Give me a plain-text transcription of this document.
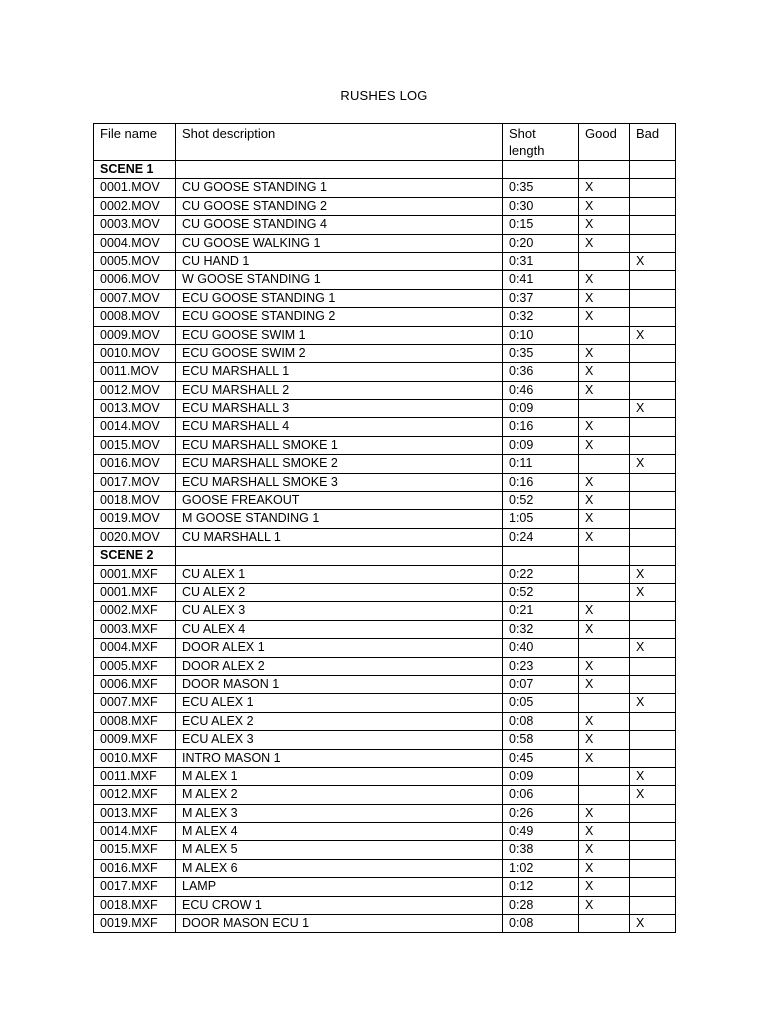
RUSHES LOG
File name	Shot description	Shot length	Good	Bad
SCENE 1				
0001.MOV	CU GOOSE STANDING 1	0:35	X	
0002.MOV	CU GOOSE STANDING 2	0:30	X	
0003.MOV	CU GOOSE STANDING 4	0:15	X	
0004.MOV	CU GOOSE WALKING 1	0:20	X	
0005.MOV	CU HAND 1	0:31		X
0006.MOV	W GOOSE STANDING 1	0:41	X	
0007.MOV	ECU GOOSE STANDING 1	0:37	X	
0008.MOV	ECU GOOSE STANDING 2	0:32	X	
0009.MOV	ECU GOOSE SWIM 1	0:10		X
0010.MOV	ECU GOOSE SWIM 2	0:35	X	
0011.MOV	ECU MARSHALL 1	0:36	X	
0012.MOV	ECU MARSHALL 2	0:46	X	
0013.MOV	ECU MARSHALL 3	0:09		X
0014.MOV	ECU MARSHALL 4	0:16	X	
0015.MOV	ECU MARSHALL SMOKE 1	0:09	X	
0016.MOV	ECU MARSHALL SMOKE 2	0:11		X
0017.MOV	ECU MARSHALL SMOKE 3	0:16	X	
0018.MOV	GOOSE FREAKOUT	0:52	X	
0019.MOV	M GOOSE STANDING 1	1:05	X	
0020.MOV	CU MARSHALL 1	0:24	X	
SCENE 2				
0001.MXF	CU ALEX 1	0:22		X
0001.MXF	CU ALEX 2	0:52		X
0002.MXF	CU ALEX 3	0:21	X	
0003.MXF	CU ALEX 4	0:32	X	
0004.MXF	DOOR ALEX 1	0:40		X
0005.MXF	DOOR ALEX 2	0:23	X	
0006.MXF	DOOR MASON 1	0:07	X	
0007.MXF	ECU ALEX 1	0:05		X
0008.MXF	ECU ALEX 2	0:08	X	
0009.MXF	ECU ALEX 3	0:58	X	
0010.MXF	INTRO MASON 1	0:45	X	
0011.MXF	M ALEX 1	0:09		X
0012.MXF	M ALEX 2	0:06		X
0013.MXF	M ALEX 3	0:26	X	
0014.MXF	M ALEX 4	0:49	X	
0015.MXF	M ALEX 5	0:38	X	
0016.MXF	M ALEX 6	1:02	X	
0017.MXF	LAMP	0:12	X	
0018.MXF	ECU CROW 1	0:28	X	
0019.MXF	DOOR MASON ECU 1	0:08		X
